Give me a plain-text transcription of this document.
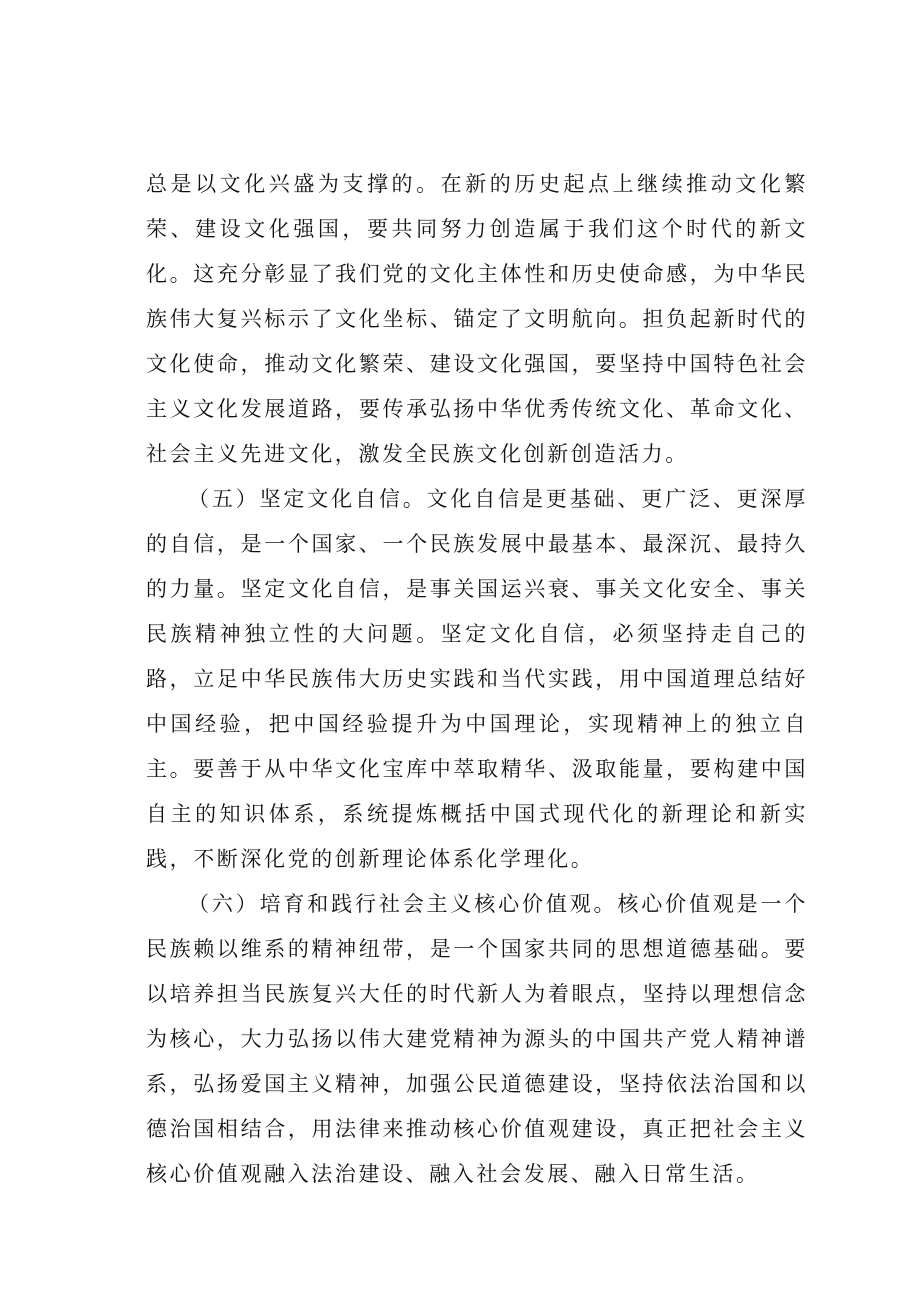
总是以文化兴盛为支撑的。在新的历史起点上继续推动文化繁荣、建设文化强国，要共同努力创造属于我们这个时代的新文化。这充分彰显了我们党的文化主体性和历史使命感，为中华民族伟大复兴标示了文化坐标、锚定了文明航向。担负起新时代的文化使命，推动文化繁荣、建设文化强国，要坚持中国特色社会主义文化发展道路，要传承弘扬中华优秀传统文化、革命文化、社会主义先进文化，激发全民族文化创新创造活力。

（五）坚定文化自信。文化自信是更基础、更广泛、更深厚的自信，是一个国家、一个民族发展中最基本、最深沉、最持久的力量。坚定文化自信，是事关国运兴衰、事关文化安全、事关民族精神独立性的大问题。坚定文化自信，必须坚持走自己的路，立足中华民族伟大历史实践和当代实践，用中国道理总结好中国经验，把中国经验提升为中国理论，实现精神上的独立自主。要善于从中华文化宝库中萃取精华、汲取能量，要构建中国自主的知识体系，系统提炼概括中国式现代化的新理论和新实践，不断深化党的创新理论体系化学理化。

（六）培育和践行社会主义核心价值观。核心价值观是一个民族赖以维系的精神纽带，是一个国家共同的思想道德基础。要以培养担当民族复兴大任的时代新人为着眼点，坚持以理想信念为核心，大力弘扬以伟大建党精神为源头的中国共产党人精神谱系，弘扬爱国主义精神，加强公民道德建设，坚持依法治国和以德治国相结合，用法律来推动核心价值观建设，真正把社会主义核心价值观融入法治建设、融入社会发展、融入日常生活。
